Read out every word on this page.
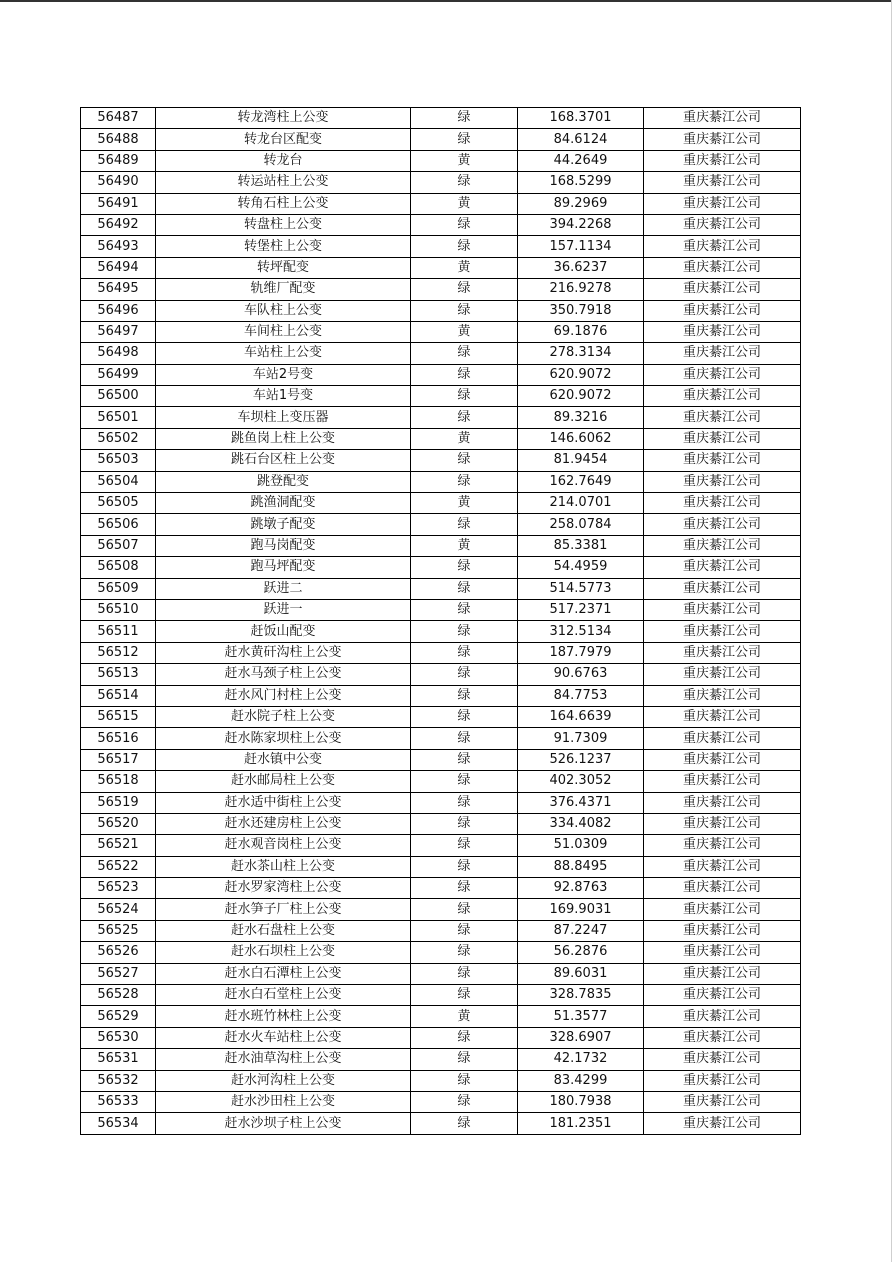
56487	转龙湾柱上公变	绿	168.3701	重庆綦江公司
56488	转龙台区配变	绿	84.6124	重庆綦江公司
56489	转龙台	黄	44.2649	重庆綦江公司
56490	转运站柱上公变	绿	168.5299	重庆綦江公司
56491	转角石柱上公变	黄	89.2969	重庆綦江公司
56492	转盘柱上公变	绿	394.2268	重庆綦江公司
56493	转堡柱上公变	绿	157.1134	重庆綦江公司
56494	转坪配变	黄	36.6237	重庆綦江公司
56495	轨维厂配变	绿	216.9278	重庆綦江公司
56496	车队柱上公变	绿	350.7918	重庆綦江公司
56497	车间柱上公变	黄	69.1876	重庆綦江公司
56498	车站柱上公变	绿	278.3134	重庆綦江公司
56499	车站2号变	绿	620.9072	重庆綦江公司
56500	车站1号变	绿	620.9072	重庆綦江公司
56501	车坝柱上变压器	绿	89.3216	重庆綦江公司
56502	跳鱼岗上柱上公变	黄	146.6062	重庆綦江公司
56503	跳石台区柱上公变	绿	81.9454	重庆綦江公司
56504	跳登配变	绿	162.7649	重庆綦江公司
56505	跳渔洞配变	黄	214.0701	重庆綦江公司
56506	跳墩子配变	绿	258.0784	重庆綦江公司
56507	跑马岗配变	黄	85.3381	重庆綦江公司
56508	跑马坪配变	绿	54.4959	重庆綦江公司
56509	跃进二	绿	514.5773	重庆綦江公司
56510	跃进一	绿	517.2371	重庆綦江公司
56511	赶饭山配变	绿	312.5134	重庆綦江公司
56512	赶水黄矸沟柱上公变	绿	187.7979	重庆綦江公司
56513	赶水马颈子柱上公变	绿	90.6763	重庆綦江公司
56514	赶水风门村柱上公变	绿	84.7753	重庆綦江公司
56515	赶水院子柱上公变	绿	164.6639	重庆綦江公司
56516	赶水陈家坝柱上公变	绿	91.7309	重庆綦江公司
56517	赶水镇中公变	绿	526.1237	重庆綦江公司
56518	赶水邮局柱上公变	绿	402.3052	重庆綦江公司
56519	赶水适中街柱上公变	绿	376.4371	重庆綦江公司
56520	赶水还建房柱上公变	绿	334.4082	重庆綦江公司
56521	赶水观音岗柱上公变	绿	51.0309	重庆綦江公司
56522	赶水茶山柱上公变	绿	88.8495	重庆綦江公司
56523	赶水罗家湾柱上公变	绿	92.8763	重庆綦江公司
56524	赶水笋子厂柱上公变	绿	169.9031	重庆綦江公司
56525	赶水石盘柱上公变	绿	87.2247	重庆綦江公司
56526	赶水石坝柱上公变	绿	56.2876	重庆綦江公司
56527	赶水白石潭柱上公变	绿	89.6031	重庆綦江公司
56528	赶水白石堂柱上公变	绿	328.7835	重庆綦江公司
56529	赶水班竹林柱上公变	黄	51.3577	重庆綦江公司
56530	赶水火车站柱上公变	绿	328.6907	重庆綦江公司
56531	赶水油草沟柱上公变	绿	42.1732	重庆綦江公司
56532	赶水河沟柱上公变	绿	83.4299	重庆綦江公司
56533	赶水沙田柱上公变	绿	180.7938	重庆綦江公司
56534	赶水沙坝子柱上公变	绿	181.2351	重庆綦江公司
